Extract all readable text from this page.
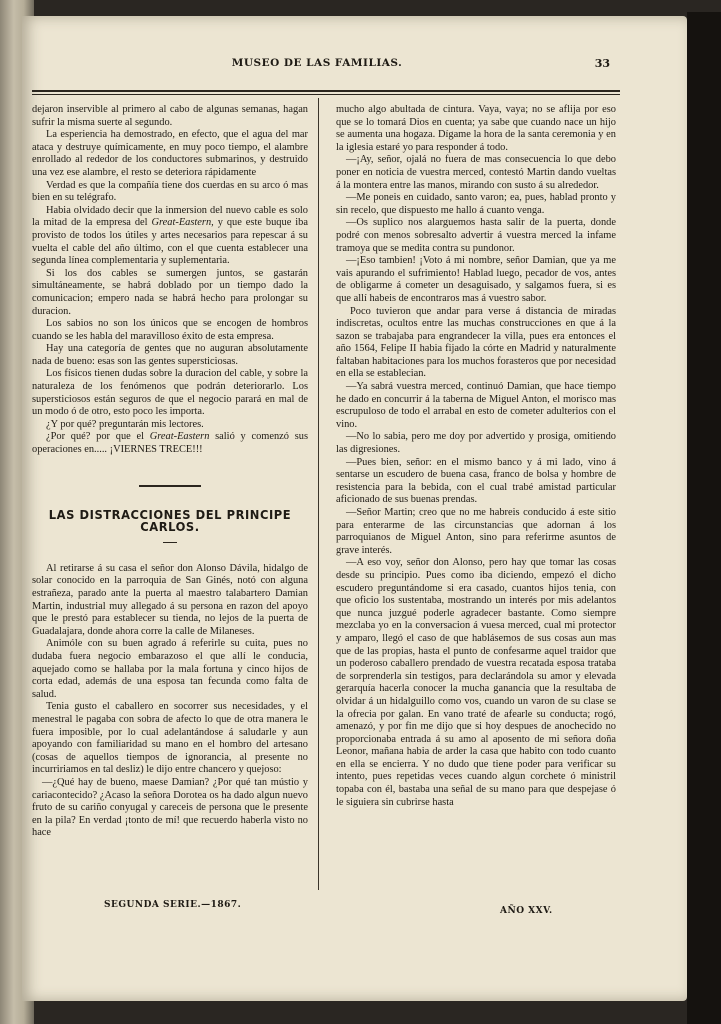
MUSEO DE LAS FAMILIAS.	33

dejaron inservible al primero al cabo de algunas semanas, hagan sufrir la misma suerte al segundo.

La esperiencia ha demostrado, en efecto, que el agua del mar ataca y destruye químicamente, en muy poco tiempo, el alambre enrollado al rededor de los conductores submarinos, y destruido una vez ese alambre, el resto se deteriora rápidamente

Verdad es que la compañía tiene dos cuerdas en su arco ó mas bien en su telégrafo.

Habia olvidado decir que la inmersion del nuevo cable es solo la mitad de la empresa del Great-Eastern, y que este buque iba provisto de todos los útiles y artes necesarios para repescar á su vuelta el cable del año último, con el que cuenta establecer una segunda línea complementaria y suplementaria.

Si los dos cables se sumergen juntos, se gastarán simultáneamente, se habrá doblado por un tiempo dado la comunicacion; empero nada se habrá hecho para prolongar su duracion.

Los sabios no son los únicos que se encogen de hombros cuando se les habla del maravilloso éxito de esta empresa.

Hay una categoría de gentes que no auguran absolutamente nada de bueno: esas son las gentes supersticiosas.

Los físicos tienen dudas sobre la duracion del cable, y sobre la naturaleza de los fenómenos que podrán deteriorarlo. Los supersticiosos están seguros de que el negocio parará en mal de un modo ó de otro, esto poco les importa.

¿Y por qué? preguntarán mis lectores.

¿Por qué? por que el Great-Eastern salió y comenzó sus operaciones en..... ¡VIERNES TRECE!!!

LAS DISTRACCIONES DEL PRINCIPE CARLOS.

Al retirarse á su casa el señor don Alonso Dávila, hidalgo de solar conocido en la parroquia de San Ginés, notó con alguna estrañeza, parado ante la puerta al maestro talabartero Damian Martin, industrial muy allegado á su persona en razon del apoyo que le prestó para establecer su tienda, no lejos de la puerta de Guadalajara, donde ahora corre la calle de Milaneses.

Animóle con su buen agrado á referirle su cuita, pues no dudaba fuera negocio embarazoso el que allí le conducia, aquejado como se hallaba por la mala fortuna y cinco hijos de corta edad, además de una esposa tan fecunda como falta de salud.

Tenia gusto el caballero en socorrer sus necesidades, y el menestral le pagaba con sobra de afecto lo que de otra manera le fuera imposible, por lo cual adelantándose á saludarle y aun apoyando con familiaridad su mano en el hombro del artesano (cosas de aquellos tiempos de ignorancia, al presente no incurririamos en tal desliz) le dijo entre chancero y quejoso:

—¿Qué hay de bueno, maese Damian? ¿Por qué tan mústio y cariacontecido? ¿Acaso la señora Dorotea os ha dado algun nuevo fruto de su cariño conyugal y careceis de persona que le presente en la pila? En verdad ¡tonto de mí! que recuerdo haberla visto no hace

mucho algo abultada de cintura. Vaya, vaya; no se aflija por eso que se lo tomará Dios en cuenta; ya sabe que cuando nace un hijo se aumenta una hogaza. Dígame la hora de la santa ceremonia y en la iglesia estaré yo para responder á todo.

—¡Ay, señor, ojalá no fuera de mas consecuencia lo que debo poner en noticia de vuestra merced, contestó Martin dando vueltas á la montera entre las manos, mirando con susto á su alrededor.

—Me poneis en cuidado, santo varon; ea, pues, hablad pronto y sin recelo, que dispuesto me hallo á cuanto venga.

—Os suplico nos alarguemos hasta salir de la puerta, donde podré con menos sobresalto advertir á vuestra merced la infame tramoya que se medita contra su pundonor.

—¡Eso tambien! ¡Voto á mi nombre, señor Damian, que ya me vais apurando el sufrimiento! Hablad luego, pecador de vos, antes de obligarme á cometer un desaguisado, y salgamos fuera, si es que allí habeis de encontraros mas á vuestro sabor.

Poco tuvieron que andar para verse á distancia de miradas indiscretas, ocultos entre las muchas construcciones en que á la sazon se trabajaba para engrandecer la villa, pues era entonces el año 1564, Felipe II habia fijado la córte en Madrid y naturalmente faltaban habitaciones para los muchos forasteros que por necesidad en ella se establecian.

—Ya sabrá vuestra merced, continuó Damian, que hace tiempo he dado en concurrir á la taberna de Miguel Anton, el morisco mas escrupuloso de todo el arrabal en esto de cometer adulterios con el vino.

—No lo sabia, pero me doy por advertido y prosiga, omitiendo las digresiones.

—Pues bien, señor: en el mismo banco y á mi lado, vino á sentarse un escudero de buena casa, franco de bolsa y hombre de resistencia para la bebida, con el cual trabé amistad particular aficionado de sus buenas prendas.

—Señor Martin; creo que no me habreis conducido á este sitio para enterarme de las circunstancias que adornan á los parroquianos de Miguel Anton, sino para referirme asuntos de grave interés.

—A eso voy, señor don Alonso, pero hay que tomar las cosas desde su principio. Pues como iba diciendo, empezó el dicho escudero preguntándome si era casado, cuantos hijos tenia, con que oficio los sustentaba, mostrando un interés por mis adelantos que nunca juzgué poderle agradecer bastante. Como siempre mezclaba yo en la conversacion á vuesa merced, cual mi protector y amparo, llegó el caso de que hablásemos de sus cosas aun mas que de las propias, hasta el punto de confesarme aquel traidor que un poderoso caballero prendado de vuestra recatada esposa trataba de sorprenderla sin testigos, para declarándola su amor y elevada gerarquía hacerla conocer la mucha ganancia que la resultaba de olvidar á un hidalguillo como vos, cuando un varon de su clase se la ofrecia por galan. En vano traté de afearle su conducta; rogó, amenazó, y por fin me dijo que si hoy despues de anochecido no proporcionaba entrada á su amo al aposento de mi señora doña Leonor, mañana habia de arder la casa que habito con todo cuanto en ella se encierra. Y no dudo que tiene poder para verificar su intento, pues repetidas veces cuando algun corchete ó ministril topaba con él, bastaba una señal de su mano para que despejase ó le siguiera sin cubrirse hasta

SEGUNDA SERIE.—1867.
AÑO XXV.
